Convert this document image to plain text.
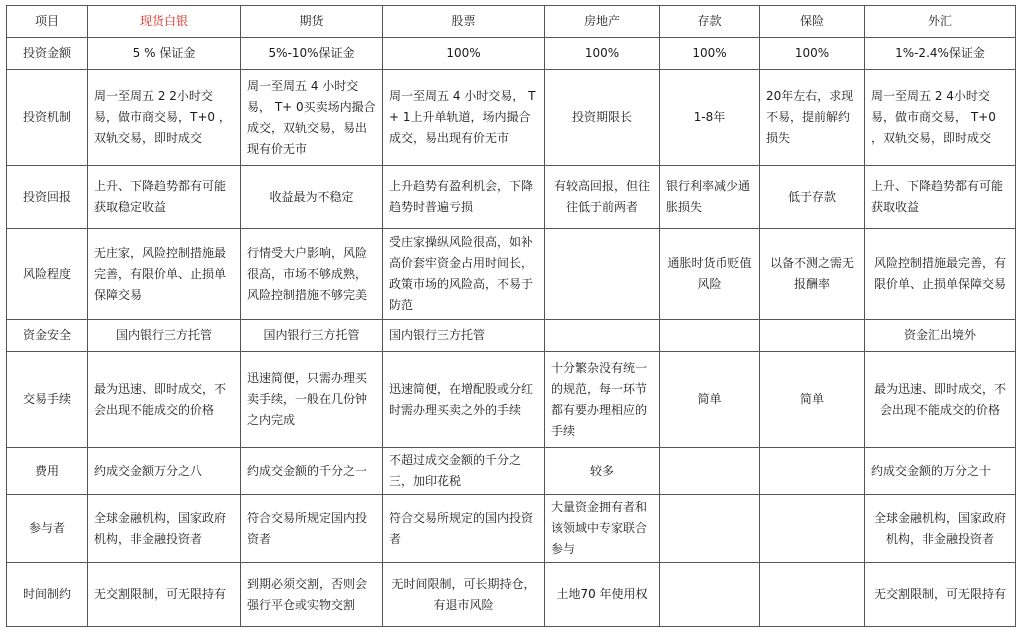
项目	现货白银	期货	股票	房地产	存款	保险	外汇
投资金额	5 % 保证金	5%-10%保证金	100%	100%	100%	100%	1%-2.4%保证金
投资机制	周一至周五 2 2小时交易，做市商交易，T+0 ，双轨交易，即时成交	周一至周五 4 小时交易， T+ 0买卖场内撮合成交，双轨交易，易出现有价无市	周一至周五 4 小时交易， T+ 1上升单轨道，场内撮合成交，易出现有价无市	投资期限长	1-8年	20年左右，求现不易，提前解约损失	周一至周五 2 4小时交易，做市商交易， T+0 ，双轨交易，即时成交
投资回报	上升、下降趋势都有可能获取稳定收益	收益最为不稳定	上升趋势有盈利机会，下降趋势时普遍亏损	有较高回报，但往往低于前两者	银行利率减少通胀损失	低于存款	上升、下降趋势都有可能获取收益
风险程度	无庄家，风险控制措施最完善，有限价单、止损单保障交易	行情受大户影响，风险很高，市场不够成熟，风险控制措施不够完美	受庄家操纵风险很高，如补高价套牢资金占用时间长，政策市场的风险高，不易于防范		通胀时货币贬值风险	以备不测之需无报酬率	风险控制措施最完善，有限价单、止损单保障交易
资金安全	国内银行三方托管	国内银行三方托管	国内银行三方托管				资金汇出境外
交易手续	最为迅速、即时成交，不会出现不能成交的价格	迅速简便，只需办理买卖手续，一般在几份钟之内完成	迅速简便，在增配股或分红时需办理买卖之外的手续	十分繁杂没有统一的规范，每一环节都有要办理相应的手续	简单	简单	最为迅速、即时成交，不会出现不能成交的价格
费用	约成交金额万分之八	约成交金额的千分之一	不超过成交金额的千分之三，加印花税	较多			约成交金额的万分之十
参与者	全球金融机构，国家政府机构，非金融投资者	符合交易所规定国内投资者	符合交易所规定的国内投资者	大量资金拥有者和该领域中专家联合参与			全球金融机构，国家政府机构，非金融投资者
时间制约	无交割限制，可无限持有	到期必须交割，否则会强行平仓或实物交割	无时间限制，可长期持仓，有退市风险	土地70 年使用权			无交割限制，可无限持有
